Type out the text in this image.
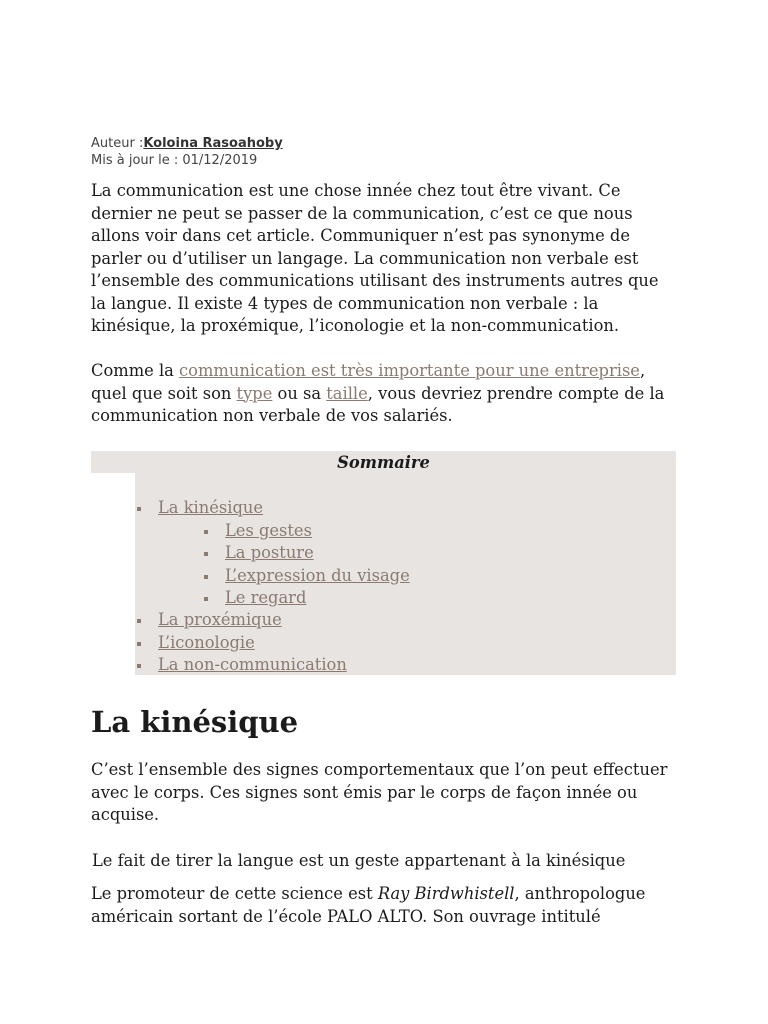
Auteur :Koloina Rasoahoby
Mis à jour le : 01/12/2019

La communication est une chose innée chez tout être vivant. Ce dernier ne peut se passer de la communication, c’est ce que nous allons voir dans cet article. Communiquer n’est pas synonyme de parler ou d’utiliser un langage. La communication non verbale est l’ensemble des communications utilisant des instruments autres que la langue. Il existe 4 types de communication non verbale : la kinésique, la proxémique, l’iconologie et la non-communication.

Comme la communication est très importante pour une entreprise, quel que soit son type ou sa taille, vous devriez prendre compte de la communication non verbale de vos salariés.

Sommaire
La kinésique
Les gestes
La posture
L’expression du visage
Le regard
La proxémique
L’iconologie
La non-communication
La kinésique

C’est l’ensemble des signes comportementaux que l’on peut effectuer avec le corps. Ces signes sont émis par le corps de façon innée ou acquise.

Le fait de tirer la langue est un geste appartenant à la kinésique

Le promoteur de cette science est Ray Birdwhistell, anthropologue américain sortant de l’école PALO ALTO. Son ouvrage intitulé
